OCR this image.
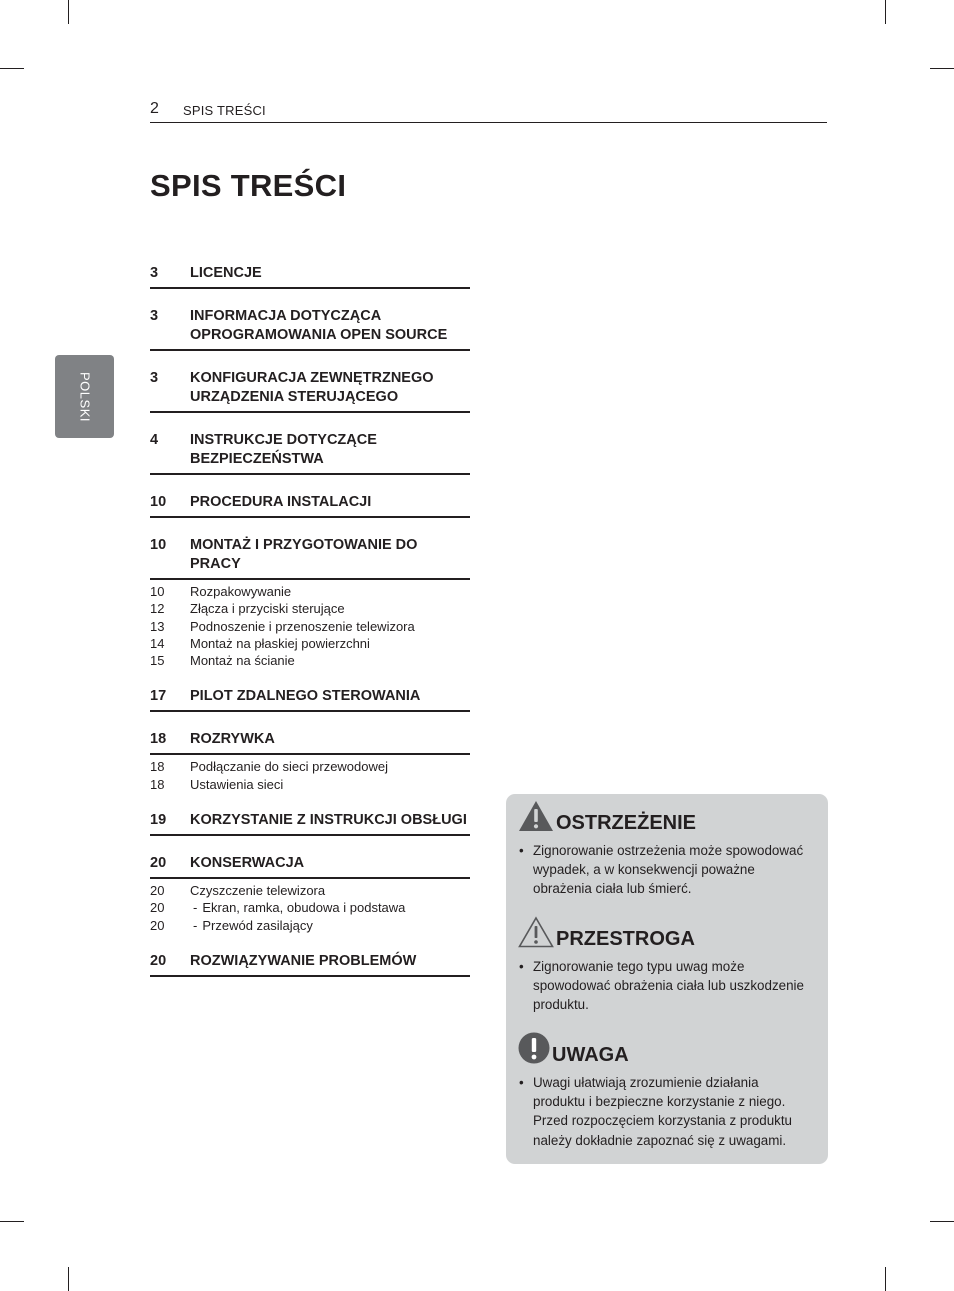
2 SPIS TREŚCI
SPIS TREŚCI
POLSKI
3	LICENCJE
3	INFORMACJA DOTYCZĄCA OPROGRAMOWANIA OPEN SOURCE
3	KONFIGURACJA ZEWNĘTRZNEGO URZĄDZENIA STERUJĄCEGO
4	INSTRUKCJE DOTYCZĄCE BEZPIECZEŃSTWA
10	PROCEDURA INSTALACJI
10	MONTAŻ I PRZYGOTOWANIE DO PRACY
10	Rozpakowywanie
12	Złącza i przyciski sterujące
13	Podnoszenie i przenoszenie telewizora
14	Montaż na płaskiej powierzchni
15	Montaż na ścianie
17	PILOT ZDALNEGO STEROWANIA
18	ROZRYWKA
18	Podłączanie do sieci przewodowej
18	Ustawienia sieci
19	KORZYSTANIE Z INSTRUKCJI OBSŁUGI
20	KONSERWACJA
20	Czyszczenie telewizora
20	- Ekran, ramka, obudowa i podstawa
20	- Przewód zasilający
20	ROZWIĄZYWANIE PROBLEMÓW
OSTRZEŻENIE
• Zignorowanie ostrzeżenia może spowodować wypadek, a w konsekwencji poważne obrażenia ciała lub śmierć.
PRZESTROGA
• Zignorowanie tego typu uwag może spowodować obrażenia ciała lub uszkodzenie produktu.
UWAGA
• Uwagi ułatwiają zrozumienie działania produktu i bezpieczne korzystanie z niego. Przed rozpoczęciem korzystania z produktu należy dokładnie zapoznać się z uwagami.
